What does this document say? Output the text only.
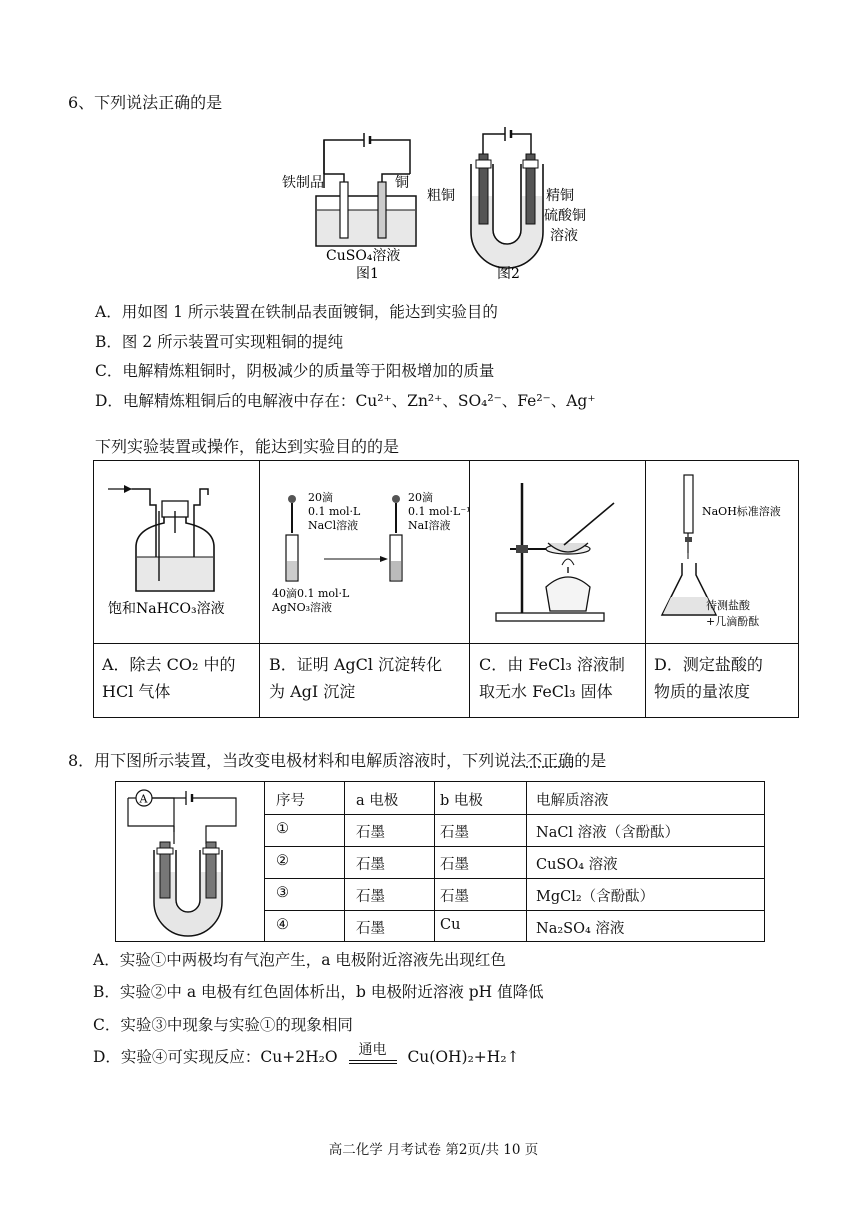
6、下列说法正确的是
铁制品	铜
CuSO₄溶液
图1
粗铜	精铜
硫酸铜
溶液
图2
A．用如图 1 所示装置在铁制品表面镀铜，能达到实验目的
B．图 2 所示装置可实现粗铜的提纯
C．电解精炼粗铜时，阴极减少的质量等于阳极增加的质量
D．电解精炼粗铜后的电解液中存在：Cu²⁺、Zn²⁺、SO₄²⁻、Fe²⁻、Ag⁺
下列实验装置或操作，能达到实验目的的是
饱和NaHCO₃溶液
20滴
0.1 mol·L
NaCl溶液
20滴
0.1 mol·L⁻¹
NaI溶液
40滴0.1 mol·L
AgNO₃溶液
NaOH标准溶液
待测盐酸
+几滴酚酞
A．除去 CO₂ 中的
HCl 气体
B．证明 AgCl 沉淀转化
为 AgI 沉淀
C．由 FeCl₃ 溶液制
取无水 FeCl₃ 固体
D．测定盐酸的
物质的量浓度
8．用下图所示装置，当改变电极材料和电解质溶液时，下列说法不正确的是
A	序号	a 电极	b 电极	电解质溶液
①	石墨	石墨	NaCl 溶液（含酚酞）
②	石墨	石墨	CuSO₄ 溶液
③	石墨	石墨	MgCl₂（含酚酞）
④	石墨	Cu	Na₂SO₄ 溶液
A．实验①中两极均有气泡产生，a 电极附近溶液先出现红色
B．实验②中 a 电极有红色固体析出，b 电极附近溶液 pH 值降低
C．实验③中现象与实验①的现象相同
D．实验④可实现反应：Cu+2H₂O 通电 Cu(OH)₂+H₂↑
高二化学 月考试卷 第2页/共 10 页
